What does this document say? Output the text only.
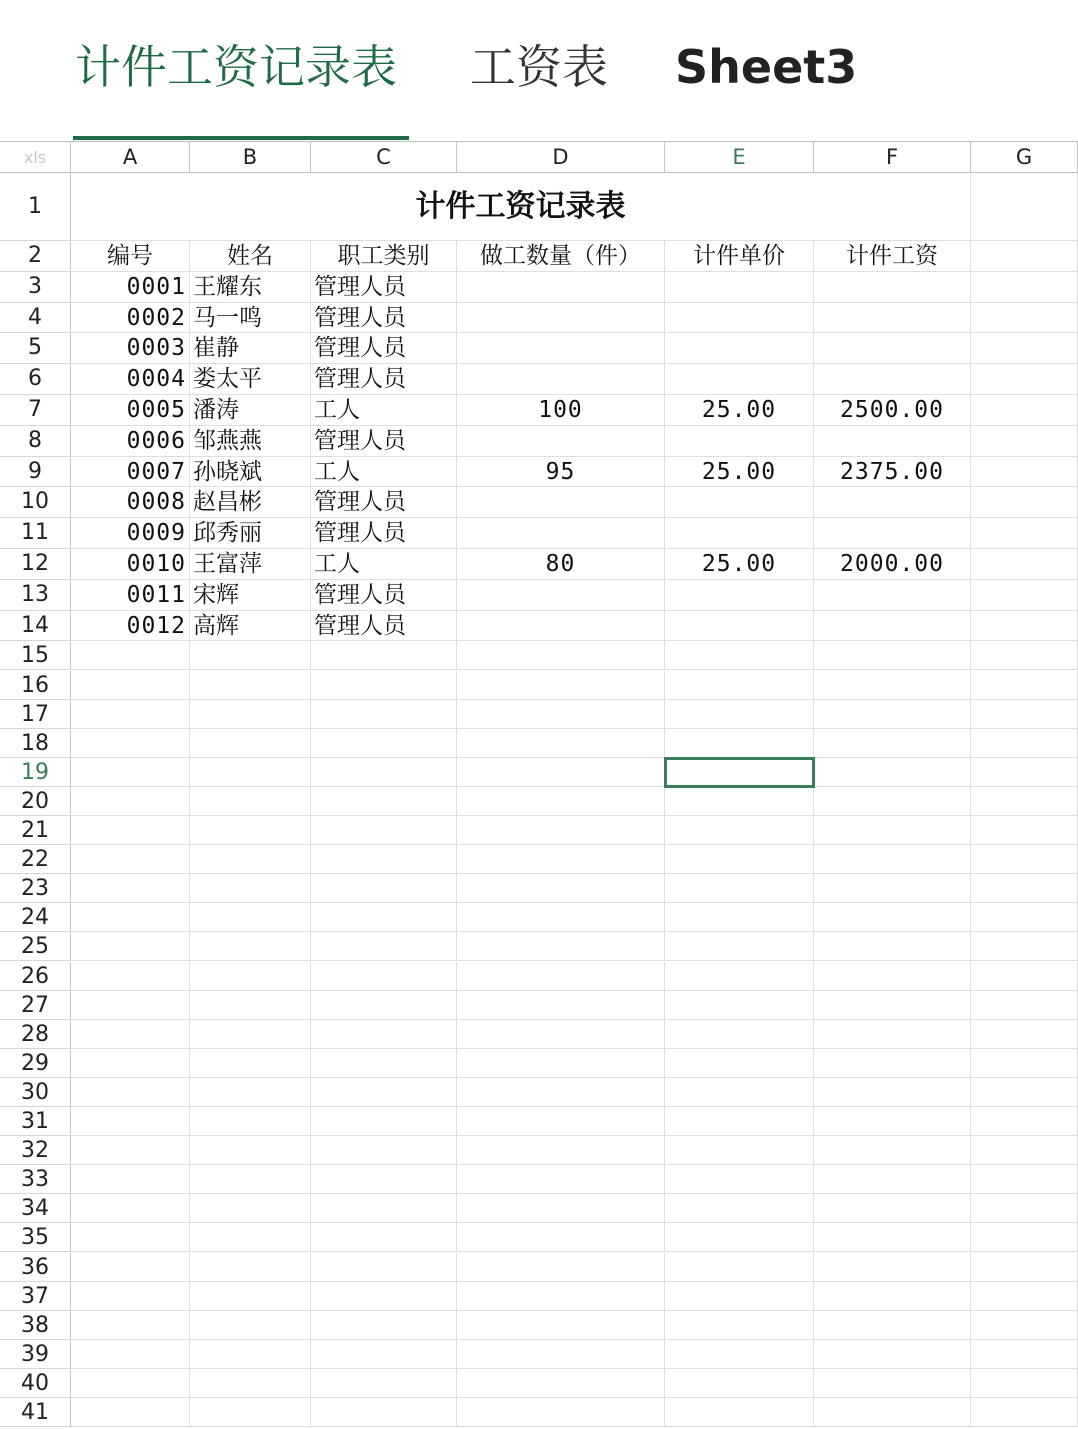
计件工资记录表 工资表 Sheet3
xls	A	B	C	D	E	F	G
1	计件工资记录表
2	编号	姓名	职工类别	做工数量（件）	计件单价	计件工资
3	0001 王耀东	管理人员
4	0002 马一鸣	管理人员
5	0003 崔静	管理人员
6	0004 娄太平	管理人员
7	0005 潘涛	工人	100	25.00	2500.00
8	0006 邹燕燕	管理人员
9	0007 孙晓斌	工人	95	25.00	2375.00
10	0008 赵昌彬	管理人员
11	0009 邱秀丽	管理人员
12	0010 王富萍	工人	80	25.00	2000.00
13	0011 宋辉	管理人员
14	0012 高辉	管理人员
15
16
17
18
19
20
21
22
23
24
25
26
27
28
29
30
31
32
33
34
35
36
37
38
39
40
41
